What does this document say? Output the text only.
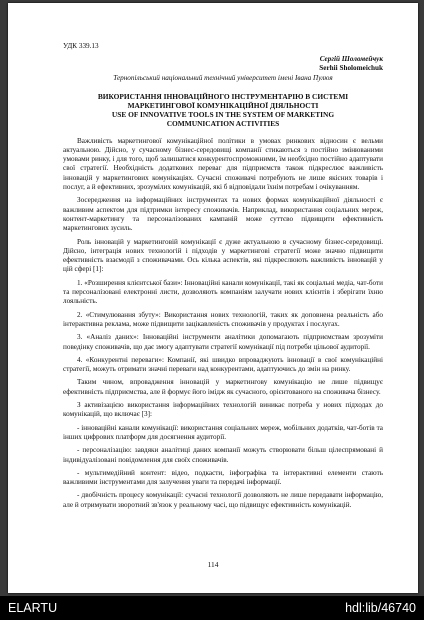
УДК 339.13
Сергій Шоломейчук
Serhii Sholomeichuk
Тернопільський національний технічний університет імені Івана Пулюя
ВИКОРИСТАННЯ ІННОВАЦІЙНОГО ІНСТРУМЕНТАРІЮ В СИСТЕМІ
МАРКЕТИНГОВОЇ КОМУНІКАЦІЙНОЇ ДІЯЛЬНОСТІ
USE OF INNOVATIVE TOOLS IN THE SYSTEM OF MARKETING
COMMUNICATION ACTIVITIES

Важливість маркетингової комунікаційної політики в умовах ринкових відносин є вельми актуальною. Дійсно, у сучасному бізнес-середовищі компанії стикаються з постійно змінюваними умовами ринку, і для того, щоб залишатися конкурентоспроможними, їм необхідно постійно адаптувати свої стратегії. Необхідність додаткових переваг для підприємств також підкреслює важливість інновацій у маркетингових комунікаціях. Сучасні споживачі потребують не лише якісних товарів і послуг, а й ефективних, зрозумілих комунікацій, які б відповідали їхнім потребам і очікуванням.

Зосередження на інформаційних інструментах та нових формах комунікаційної діяльності є важливим аспектом для підтримки інтересу споживачів. Наприклад, використання соціальних мереж, контент-маркетингу та персоналізованих кампаній може суттєво підвищити ефективність маркетингових зусиль.

Роль інновацій у маркетинговій комунікації є дуже актуальною в сучасному бізнес-середовищі. Дійсно, інтеграція нових технологій і підходів у маркетингові стратегії може значно підвищити ефективність взаємодії з споживачами. Ось кілька аспектів, які підкреслюють важливість інновацій у цій сфері [1]:

1. «Розширення клієнтської бази»: Інноваційні канали комунікації, такі як соціальні медіа, чат-боти та персоналізовані електронні листи, дозволяють компаніям залучати нових клієнтів і зберігати їхню лояльність.

2. «Стимулювання збуту»: Використання нових технологій, таких як доповнена реальність або інтерактивна реклама, може підвищити зацікавленість споживачів у продуктах і послугах.

3. «Аналіз даних»: Інноваційні інструменти аналітики допомагають підприємствам зрозуміти поведінку споживачів, що дає змогу адаптувати стратегії комунікації під потреби цільової аудиторії.

4. «Конкурентні переваги»: Компанії, які швидко впроваджують інновації в свої комунікаційні стратегії, можуть отримати значні переваги над конкурентами, адаптуючись до змін на ринку.

Таким чином, впровадження інновацій у маркетингову комунікацію не лише підвищує ефективність підприємства, але й формує його імідж як сучасного, орієнтованого на споживача бізнесу.

З активізацією використання інформаційних технологій виникає потреба у нових підходах до комунікацій, що включає [3]:

- інноваційні канали комунікації: використання соціальних мереж, мобільних додатків, чат-ботів та інших цифрових платформ для досягнення аудиторії.

- персоналізацію: завдяки аналітиці даних компанії можуть створювати більш цілеспрямовані й індивідуалізовані повідомлення для своїх споживачів.

- мультимедійний контент: відео, подкасти, інфографіка та інтерактивні елементи стають важливими інструментами для залучення уваги та передачі інформації.

- двобічність процесу комунікації: сучасні технології дозволяють не лише передавати інформацію, але й отримувати зворотний зв'язок у реальному часі, що підвищує ефективність комунікацій.

114
ELARTU	hdl:lib/46740
